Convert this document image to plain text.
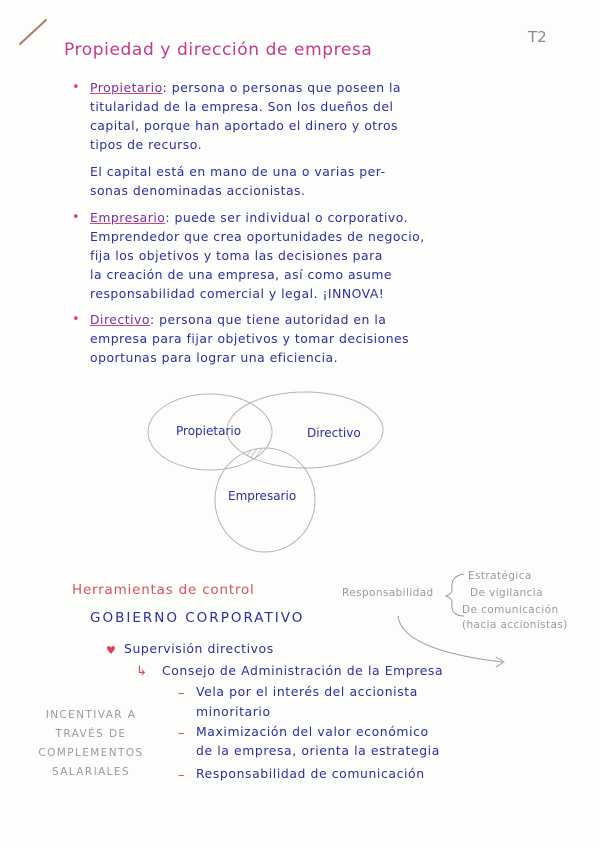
T2
Propiedad y dirección de empresa
• Propietario: persona o personas que poseen la
titularidad de la empresa. Son los dueños del
capital, porque han aportado el dinero y otros
tipos de recurso.
El capital está en mano de una o varias per-
sonas denominadas accionistas.
• Empresario: puede ser individual o corporativo.
Emprendedor que crea oportunidades de negocio,
fija los objetivos y toma las decisiones para
la creación de una empresa, así como asume
responsabilidad comercial y legal. ¡INNOVA!
• Directivo: persona que tiene autoridad en la
empresa para fijar objetivos y tomar decisiones
oportunas para lograr una eficiencia.
Propietario	Directivo
Empresario
Responsabilidad
Estratégica
De vigilancia
De comunicación
(hacia accionistas)
Herramientas de control
GOBIERNO CORPORATIVO
♥ Supervisión directivos
↳ Consejo de Administración de la Empresa
– Vela por el interés del accionista
minoritario
– Maximización del valor económico
de la empresa, orienta la estrategia
– Responsabilidad de comunicación
INCENTIVAR A
TRAVÉS DE
COMPLEMENTOS
SALARIALES
